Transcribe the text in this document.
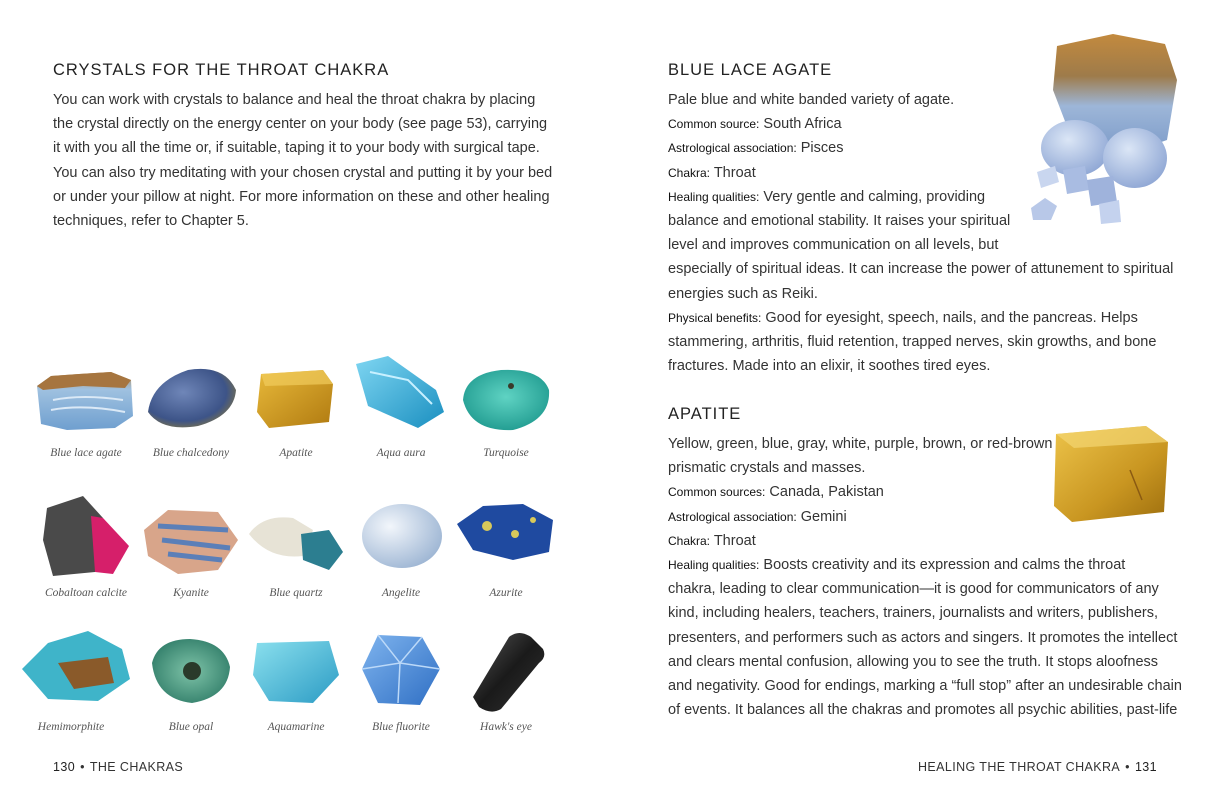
CRYSTALS FOR THE THROAT CHAKRA
You can work with crystals to balance and heal the throat chakra by placing
the crystal directly on the energy center on your body (see page 53), carrying
it with you all the time or, if suitable, taping it to your body with surgical tape.
You can also try meditating with your chosen crystal and putting it by your bed
or under your pillow at night. For more information on these and other healing
techniques, refer to Chapter 5.
Blue lace agate	Blue chalcedony	Apatite	Aqua aura	Turquoise
Cobaltoan calcite	Kyanite	Blue quartz	Angelite	Azurite
Hemimorphite	Blue opal	Aquamarine	Blue fluorite	Hawk's eye
130 • THE CHAKRAS
BLUE LACE AGATE
Pale blue and white banded variety of agate.
Common source: South Africa
Astrological association: Pisces
Chakra: Throat
Healing qualities: Very gentle and calming, providing
balance and emotional stability. It raises your spiritual
level and improves communication on all levels, but
especially of spiritual ideas. It can increase the power of attunement to spiritual
energies such as Reiki.
Physical benefits: Good for eyesight, speech, nails, and the pancreas. Helps
stammering, arthritis, fluid retention, trapped nerves, skin growths, and bone
fractures. Made into an elixir, it soothes tired eyes.
APATITE
Yellow, green, blue, gray, white, purple, brown, or red-brown
prismatic crystals and masses.
Common sources: Canada, Pakistan
Astrological association: Gemini
Chakra: Throat
Healing qualities: Boosts creativity and its expression and calms the throat
chakra, leading to clear communication—it is good for communicators of any
kind, including healers, teachers, trainers, journalists and writers, publishers,
presenters, and performers such as actors and singers. It promotes the intellect
and clears mental confusion, allowing you to see the truth. It stops aloofness
and negativity. Good for endings, marking a “full stop” after an undesirable chain
of events. It balances all the chakras and promotes all psychic abilities, past-life
HEALING THE THROAT CHAKRA • 131
